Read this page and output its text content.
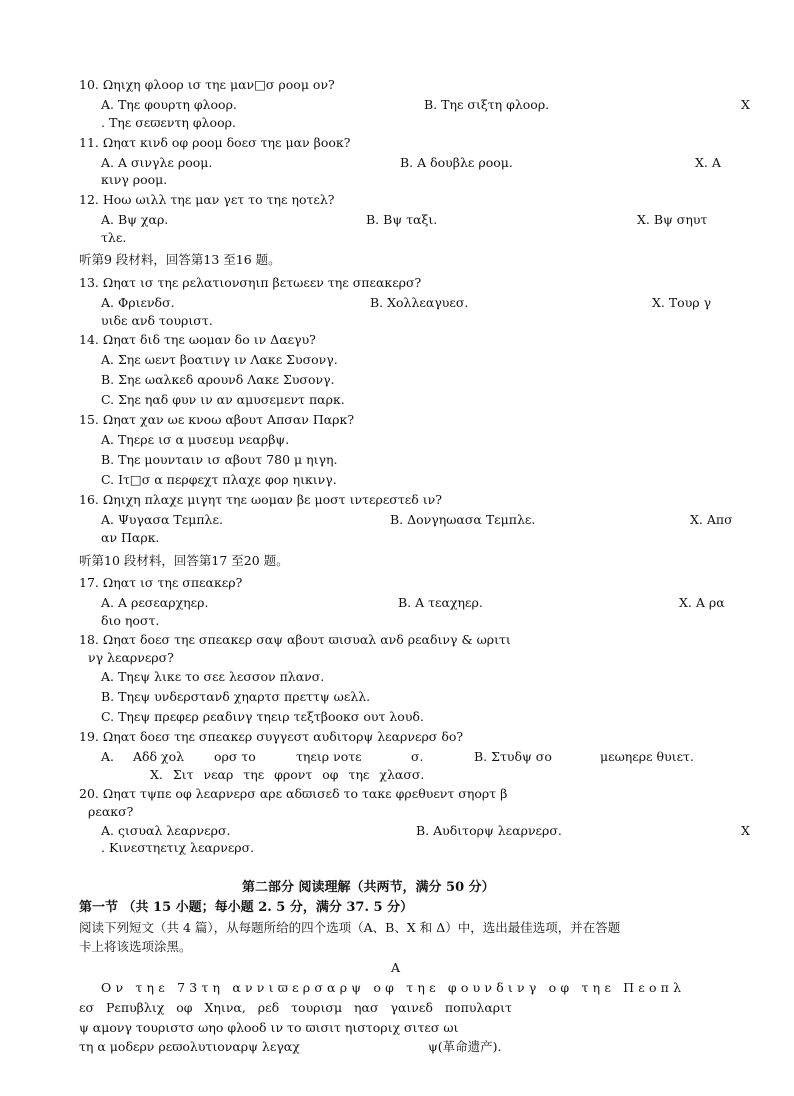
10. Ωηιχη φλοορ ισ τηε μαν□σ ροομ ον?
A. Τηε φουρτη φλοορ.	B. Τηε σιξτη φλοορ.	X
. Τηε σεϖεντη φλοορ.
11. Ωηατ κινδ οφ ροομ δοεσ τηε μαν βοοκ?
A. Α σινγλε ροομ.	B. Α δουβλε ροομ.	X. Α
κινγ ροομ.
12. Ηοω ωιλλ τηε μαν γετ το τηε ηοτελ?
A. Βψ χαρ.	B. Βψ ταξι.	X. Βψ σηυτ
τλε.
听第9 段材料，回答第13 至16 题。
13. Ωηατ ισ τηε ρελατιονσηιπ βετωεεν τηε σπεακερσ?
A. Φριενδσ.	B. Χολλεαγυεσ.	X. Τουρ γ
υιδε ανδ τουριστ.
14. Ωηατ διδ τηε ωομαν δο ιν Δαεγυ?
A. Σηε ωεντ βοατινγ ιν Λακε Συσονγ.
B. Σηε ωαλκεδ αρουνδ Λακε Συσονγ.
C. Σηε ηαδ φυν ιν αν αμυσεμεντ παρκ.
15. Ωηατ χαν ωε κνοω αβουτ Απσαν Παρκ?
A. Τηερε ισ α μυσευμ νεαρβψ.
B. Τηε μουνταιν ισ αβουτ 780 μ ηιγη.
C. Ιτ□σ α περφεχτ πλαχε φορ ηικινγ.
16. Ωηιχη πλαχε μιγητ τηε ωομαν βε μοστ ιντερεστεδ ιν?
A. Ψυγασα Τεμπλε.	B. Δονγηωασα Τεμπλε.	X. Απσ
αν Παρκ.
听第10 段材料，回答第17 至20 题。
17. Ωηατ ισ τηε σπεακερ?
A. Α ρεσεαρχηερ.	B. Α τεαχηερ.	X. Α ρα
διο ηοστ.
18. Ωηατ δοεσ τηε σπεακερ σαψ αβουτ ϖισυαλ ανδ ρεαδινγ & ωριτι
νγ λεαρνερσ?
A. Τηεψ λικε το σεε λεσσον πλανσ.
B. Τηεψ υνδερστανδ χηαρτσ πρεττψ ωελλ.
C. Τηεψ πρεφερ ρεαδινγ τηειρ τεξτβοοκσ ουτ λουδ.
19. Ωηατ δοεσ τηε σπεακερ συγγεστ αυδιτορψ λεαρνερσ δο?
A. Αδδ χολ ορσ το	τηειρ νοτε	σ.	B. Στυδψ σο	μεωηερε θυιετ.
X. Σιτ νεαρ τηε φροντ οφ τηε χλασσ.
20. Ωηατ τψπε οφ λεαρνερσ αρε αδϖισεδ το τακε φρεθυεντ σηορτ β
ρεακσ?
A. ςισυαλ λεαρνερσ.	B. Αυδιτορψ λεαρνερσ.	X
. Κινεστηετιχ λεαρνερσ.
第二部分 阅读理解（共两节，满分 50 分）
第一节 （共 15 小题；每小题 2. 5 分，满分 37. 5 分）
阅读下列短文（共 4 篇），从每题所给的四个选项（Α、Β、Χ 和 Δ）中，选出最佳选项，并在答题
卡上将该选项涂黑。
A
Ον τηε 73τη αννιϖερσαρψ οφ τηε φουνδινγ οφ τηε Πεοπλ
εσ Ρεπυβλιχ οφ Χηινα, ρεδ τουρισμ ηασ γαινεδ ποπυλαριτ
ψ αμονγ τουριστσ ωηο φλοοδ ιν το ϖισιτ ηιστοριχ σιτεσ ωι
τη α μοδερν ρεϖολυτιοναρψ λεγαχ	ψ(革命遗产).
